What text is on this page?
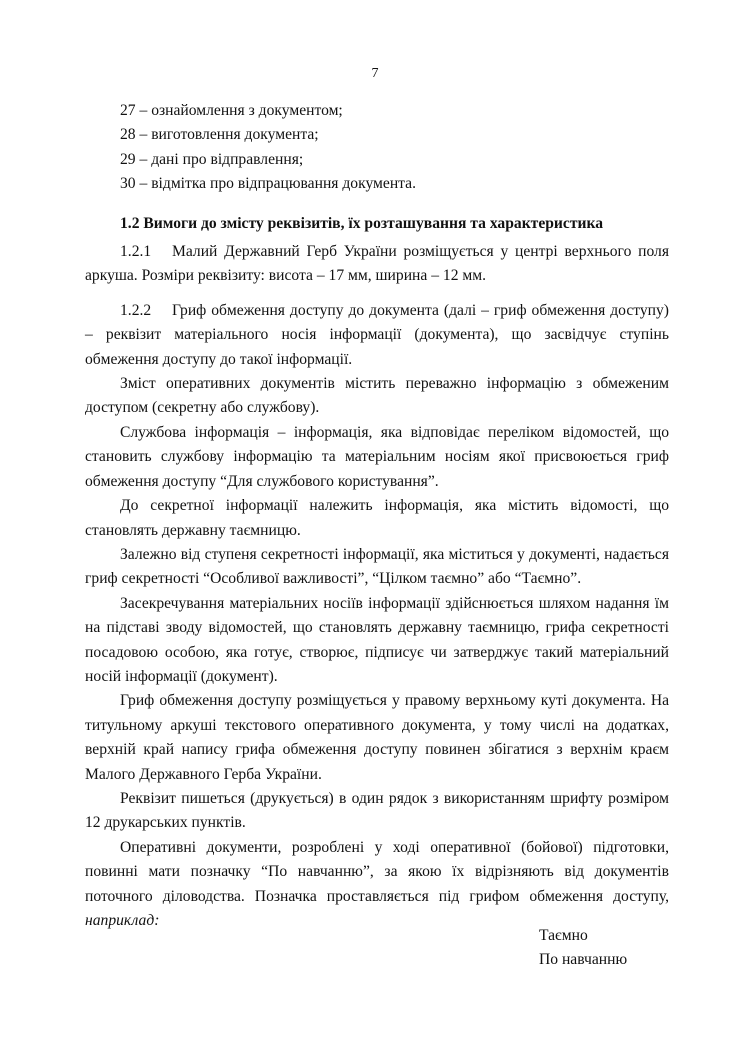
7

27 – ознайомлення з документом;

28 – виготовлення документа;

29 – дані про відправлення;

30 – відмітка про відпрацювання документа.

1.2 Вимоги до змісту реквізитів, їх розташування та характеристика

1.2.1 Малий Державний Герб України розміщується у центрі верхнього поля аркуша. Розміри реквізиту: висота – 17 мм, ширина – 12 мм.

1.2.2 Гриф обмеження доступу до документа (далі – гриф обмеження доступу) – реквізит матеріального носія інформації (документа), що засвідчує ступінь обмеження доступу до такої інформації.

Зміст оперативних документів містить переважно інформацію з обмеженим доступом (секретну або службову).

Службова інформація – інформація, яка відповідає переліком відомостей, що становить службову інформацію та матеріальним носіям якої присвоюється гриф обмеження доступу “Для службового користування”.

До секретної інформації належить інформація, яка містить відомості, що становлять державну таємницю.

Залежно від ступеня секретності інформації, яка міститься у документі, надається гриф секретності “Особливої важливості”, “Цілком таємно” або “Таємно”.

Засекречування матеріальних носіїв інформації здійснюється шляхом надання їм на підставі зводу відомостей, що становлять державну таємницю, грифа секретності посадовою особою, яка готує, створює, підписує чи затверджує такий матеріальний носій інформації (документ).

Гриф обмеження доступу розміщується у правому верхньому куті документа. На титульному аркуші текстового оперативного документа, у тому числі на додатках, верхній край напису грифа обмеження доступу повинен збігатися з верхнім краєм Малого Державного Герба України.

Реквізит пишеться (друкується) в один рядок з використанням шрифту розміром 12 друкарських пунктів.

Оперативні документи, розроблені у ході оперативної (бойової) підготовки, повинні мати позначку “По навчанню”, за якою їх відрізняють від документів поточного діловодства. Позначка проставляється під грифом обмеження доступу, наприклад:

Таємно
По навчанню
